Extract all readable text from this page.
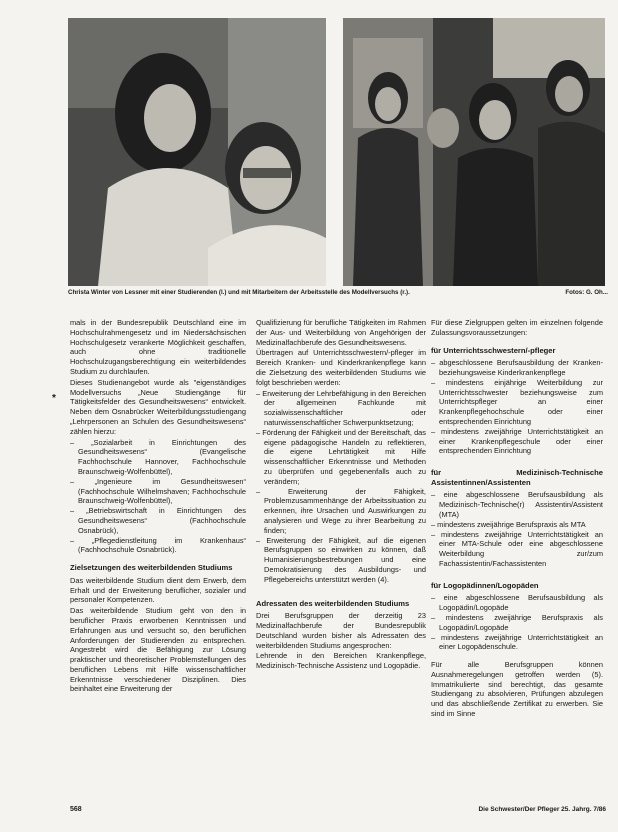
Christa Winter von Lessner mit einer Studierenden (l.) und mit Mitarbeitern der Arbeitsstelle des Modellversuchs (r.).	Fotos: G. Oh...
*

mals in der Bundesrepublik Deutschland eine im Hochschulrahmengesetz und im Niedersächsischen Hochschulgesetz verankerte Möglichkeit geschaffen, auch ohne traditionelle Hochschulzugangsberechtigung ein weiterbildendes Studium zu durchlaufen.

Dieses Studienangebot wurde als "eigenständiges Modellversuchs „Neue Studiengänge für Tätigkeitsfelder des Gesundheitswesens“ entwickelt. Neben dem Osnabrücker Weiterbildungsstudiengang „Lehrpersonen an Schulen des Gesundheitswesens“ zählen hierzu:

– „Sozialarbeit in Einrichtungen des Gesundheitswesens“ (Evangelische Fachhochschule Hannover, Fachhochschule Braunschweig-Wolfenbüttel),
– „Ingenieure im Gesundheitswesen“ (Fachhochschule Wilhelmshaven; Fachhochschule Braunschweig-Wolfenbüttel),
– „Betriebswirtschaft in Einrichtungen des Gesundheitswesens“ (Fachhochschule Osnabrück),
– „Pflegedienstleitung im Krankenhaus“ (Fachhochschule Osnabrück).
Zielsetzungen des weiterbildenden Studiums

Das weiterbildende Studium dient dem Erwerb, dem Erhalt und der Erweiterung beruflicher, sozialer und personaler Kompetenzen.

Das weiterbildende Studium geht von den in beruflicher Praxis erworbenen Kenntnissen und Erfahrungen aus und versucht so, den beruflichen Anforderungen der Studierenden zu entsprechen. Angestrebt wird die Befähigung zur Lösung praktischer und theoretischer Problemstellungen des beruflichen Lebens mit Hilfe wissenschaftlicher Erkenntnisse verschiedener Disziplinen. Dies beinhaltet eine Erweiterung der

Qualifizierung für berufliche Tätigkeiten im Rahmen der Aus- und Weiterbildung von Angehörigen der Medizinalfachberufe des Gesundheitswesens.

Übertragen auf Unterrichtsschwestern/-pfleger im Bereich Kranken- und Kinderkrankenpflege kann die Zielsetzung des weiterbildenden Studiums wie folgt beschrieben werden:

– Erweiterung der Lehrbefähigung in den Bereichen der allgemeinen Fachkunde mit sozialwissenschaftlicher oder naturwissenschaftlicher Schwerpunktsetzung;
– Förderung der Fähigkeit und der Bereitschaft, das eigene pädagogische Handeln zu reflektieren, die eigene Lehrtätigkeit mit Hilfe wissenschaftlicher Erkenntnisse und Methoden zu überprüfen und gegebenenfalls auch zu verändern;
– Erweiterung der Fähigkeit, Problemzusammenhänge der Arbeitssituation zu erkennen, ihre Ursachen und Auswirkungen zu analysieren und Wege zu ihrer Bearbeitung zu finden;
– Erweiterung der Fähigkeit, auf die eigenen Berufsgruppen so einwirken zu können, daß Humanisierungsbestrebungen und eine Demokratisierung des Ausbildungs- und Pflegebereichs unterstützt werden (4).
Adressaten des weiterbildenden Studiums

Drei Berufsgruppen der derzeitig 23 Medizinalfachberufe der Bundesrepublik Deutschland wurden bisher als Adressaten des weiterbildenden Studiums angesprochen:

Lehrende in den Bereichen Krankenpflege, Medizinisch-Technische Assistenz und Logopädie.

Für diese Zielgruppen gelten im einzelnen folgende Zulassungsvoraussetzungen:

für Unterrichtsschwestern/-pfleger
– abgeschlossene Berufsausbildung der Kranken- beziehungsweise Kinderkrankenpflege
– mindestens einjährige Weiterbildung zur Unterrichtsschwester beziehungsweise zum Unterrichtspfleger an einer Krankenpflegehochschule oder einer entsprechenden Einrichtung
– mindestens zweijährige Unterrichtstätigkeit an einer Krankenpflegeschule oder einer entsprechenden Einrichtung
für Medizinisch-Technische Assistentinnen/Assistenten
– eine abgeschlossene Berufsausbildung als Medizinisch-Technische(r) Assistentin/Assistent (MTA)
– mindestens zweijährige Berufspraxis als MTA
– mindestens zweijährige Unterrichtstätigkeit an einer MTA-Schule oder eine abgeschlossene Weiterbildung zur/zum Fachassistentin/Fachassistenten
für Logopädinnen/Logopäden
– eine abgeschlossene Berufsausbildung als Logopädin/Logopäde
– mindestens zweijährige Berufspraxis als Logopädin/Logopäde
– mindestens zweijährige Unterrichtstätigkeit an einer Logopädenschule.

Für alle Berufsgruppen können Ausnahmeregelungen getroffen werden (5). Immatrikulierte sind berechtigt, das gesamte Studiengang zu absolvieren, Prüfungen abzulegen und das abschließende Zertifikat zu erwerben. Sie sind im Sinne

568	Die Schwester/Der Pfleger 25. Jahrg. 7/86
